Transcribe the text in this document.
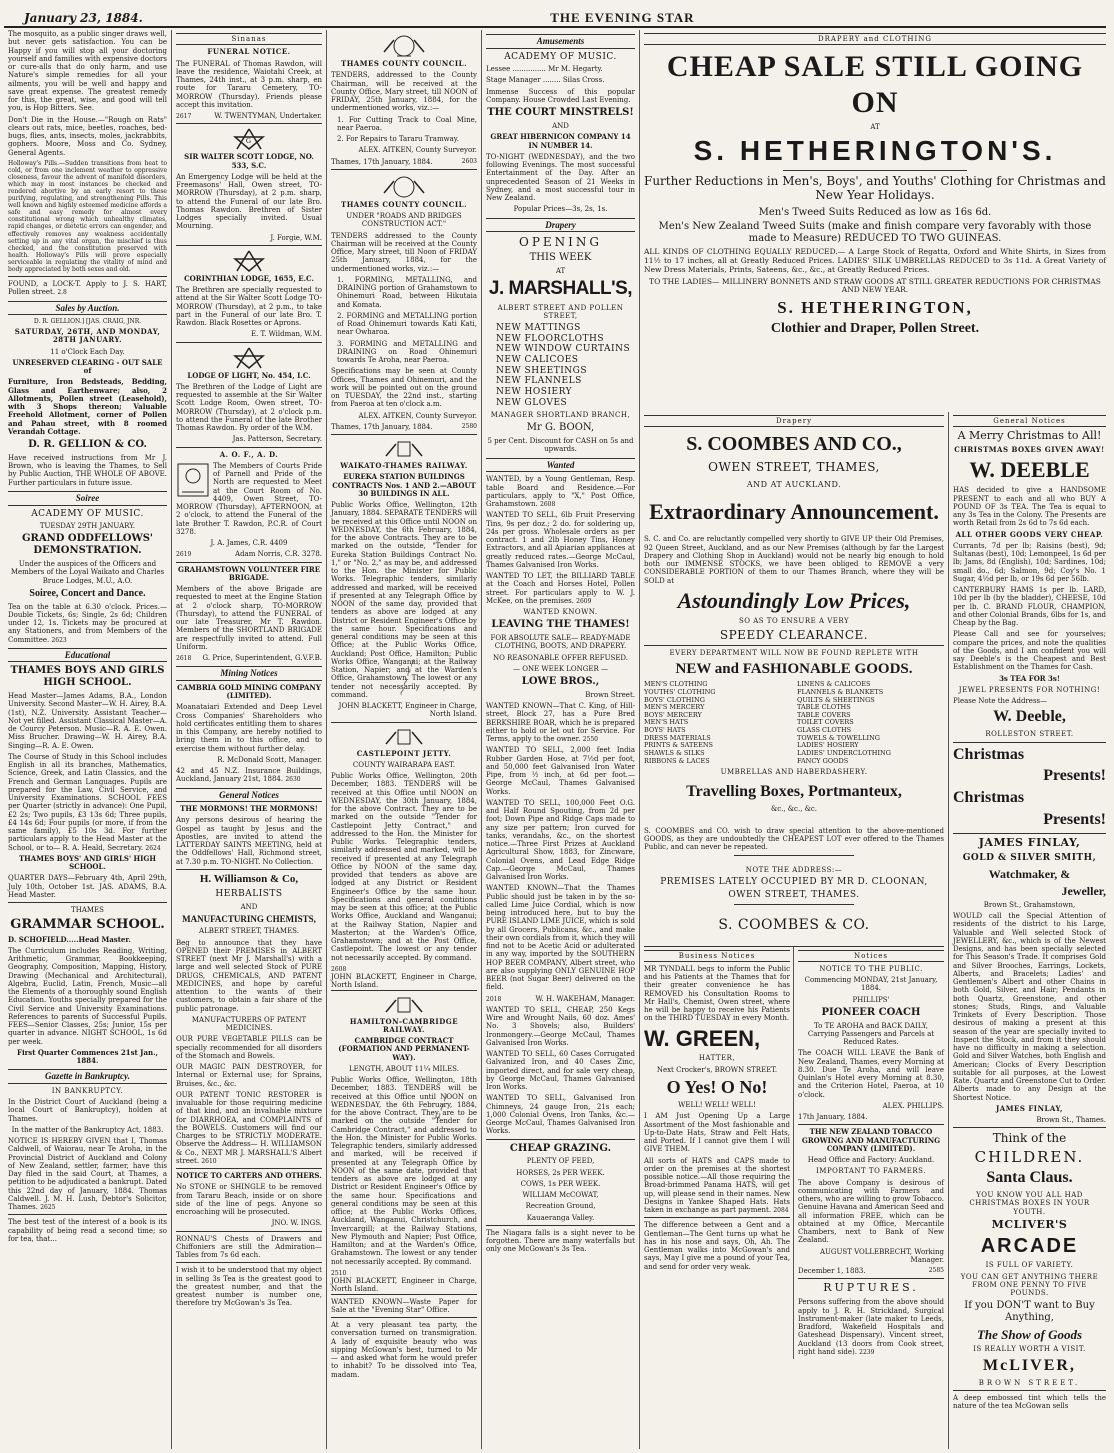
January 23, 1884.	THE EVENING STAR

The mosquito, as a public singer draws well, but never gets satisfaction. You can be Happy if you will stop all your doctoring yourself and families with expensive doctors or cure-alls that do only harm, and use Nature's simple remedies for all your ailments, you will be well and happy and save great expense. The greatest remedy for this, the great, wise, and good will tell you, is Hop Bitters. See.

Don't Die in the House.—"Rough on Rats" clears out rats, mice, beetles, roaches, bed-bugs, flies, ants, insects, moles, jackrabbits, gophers. Moore, Moss and Co. Sydney, General Agents.

Holloway's Pills.—Sudden transitions from heat to cold, or from one inclement weather to oppressive closeness, favour the advent of manifold disorders, which may in most instances be checked and rendered abortive by an early resort to these purifying, regulating, and strengthening Pills. This well known and highly esteemed medicine affords a safe and easy remedy for almost every constitutional wrong which unhealthy climates, rapid changes, or dietetic errors can engender, and effectively removes any weakness accidentally setting up in any vital organ, the mischief is thus checked, and the constitution preserved with health. Holloway's Pills will prove especially serviceable in regulating the vitality of mind and body appreciated by both sexes and old.

FOUND, a LOCK-T. Apply to J. S. HART, Pollen street. 2.8

Sales by Auction.

D. R. GELLION.] [JAS. CRAIG, JNR.

SATURDAY, 26TH, AND MONDAY, 28TH JANUARY.

11 o'Clock Each Day.

UNRESERVED CLEARING - OUT SALE of

Furniture, Iron Bedsteads, Bedding, Glass and Earthenware; also, 2 Allotments, Pollen street (Leasehold), with 3 Shops thereon; Valuable Freehold Allotment, corner of Pollen and Pahau street, with 8 roomed Verandah Cottage.

D. R. GELLION & CO.

Have received instructions from Mr J. Brown, who is leaving the Thames, to Sell by Public Auction, THE WHOLE OF ABOVE. Further particulars in future issue.

Soiree

ACADEMY OF MUSIC.

TUESDAY 29TH JANUARY.

GRAND ODDFELLOWS' DEMONSTRATION.

Under the auspices of the Officers and Members of the Loyal Waikato and Charles Bruce Lodges, M.U., A.O.

Soiree, Concert and Dance.

Tea on the table at 6.30 o'clock. Prices.—Double Tickets, 6s; Single, 2s 6d; Children under 12, 1s. Tickets may be procured at any Stationers, and from Members of the Committee. 2623

Educational

THAMES BOYS AND GIRLS HIGH SCHOOL.

Head Master—James Adams, B.A., London University. Second Master—W. H. Airey, B.A. (1st), N.Z. University. Assistant Teacher—Not yet filled. Assistant Classical Master—A. de Courcy Peterson. Music—R. A. E. Owen. Miss Brucher. Drawing—W. H. Airey, B.A. Singing—R. A. E. Owen.

The Course of Study in this School includes English in all its branches, Mathematics, Science, Greek, and Latin Classics, and the French and German Languages. Pupils are prepared for the Law, Civil Service, and University Examinations. SCHOOL FEES per Quarter (strictly in advance): One Pupil, £2 2s; Two pupils, £3 13s 6d; Three pupils, £4 14s 6d; Four pupils (or more, if from the same family), £5 10s 3d. For further particulars apply to the Head Master at the School, or to— R. A. Heald, Secretary. 2624

THAMES BOYS' AND GIRLS' HIGH SCHOOL.

QUARTER DAYS—February 4th, April 29th, July 10th, October 1st. JAS. ADAMS, B.A. Head Master.

THAMES

GRAMMAR SCHOOL.

D. SCHOFIELD.....Head Master.

The Curriculum includes Reading, Writing, Arithmetic, Grammar, Bookkeeping, Geography, Composition, Mapping, History, Drawing (Mechanical and Architectural), Algebra, Euclid, Latin, French, Music—all the Elements of a thoroughly sound English Education. Youths specially prepared for the Civil Service and University Examinations. References to parents of Successful Pupils. FEES—Senior Classes, 25s; Junior, 15s per quarter in advance. NIGHT SCHOOL, 1s 6d per week.

First Quarter Commences 21st Jan., 1884.

Gazette in Bankruptcy.

IN BANKRUPTCY.

In the District Court of Auckland (being a local Court of Bankruptcy), holden at Thames.

In the matter of the Bankruptcy Act, 1883.

NOTICE IS HEREBY GIVEN that I, Thomas Caldwell, of Waiorau, near Te Aroha, in the Provincial District of Auckland and Colony of New Zealand, settler, farmer, have this Day filed in the said Court, at Thames, a petition to be adjudicated a bankrupt. Dated this 22nd day of January, 1884. Thomas Caldwell. J. M. H. Lush, Debtor's Solicitor, Thames. 2625

The best test of the interest of a book is its capability of being read a second time; so for tea, that...

Sinanas

FUNERAL NOTICE.

The FUNERAL of Thomas Rawdon, will leave the residence, Waiotahi Creek, at Thames, 24th inst., at 3 p.m. sharp, en route for Tararu Cemetery, TO-MORROW (Thursday). Friends please accept this invitation.

2617	W. TWENTYMAN, Undertaker.

G

SIR WALTER SCOTT LODGE, NO. 533, S.C.

An Emergency Lodge will be held at the Freemasons' Hall, Owen street, TO-MORROW (Thursday), at 2 p.m. sharp, to attend the Funeral of our late Bro. Thomas Rawdon. Brethren of Sister Lodges specially invited. Usual Mourning.

J. Forgie, W.M.

CORINTHIAN LODGE, 1655, E.C.

The Brethren are specially requested to attend at the Sir Walter Scott Lodge TO-MORROW (Thursday), at 2 p.m., to take part in the Funeral of our late Bro. T. Rawdon. Black Rosettes or Aprons.

E. T. Wildman, W.M.

LODGE OF LIGHT, No. 454, I.C.

The Brethren of the Lodge of Light are requested to assemble at the Sir Walter Scott Lodge Room, Owen street, TO-MORROW (Thursday), at 2 o'clock p.m. to attend the Funeral of the late Brother Thomas Rawdon. By order of the W.M.

Jas. Patterson, Secretary.

A. O. F., A. D.

The Members of Courts Pride of Parnell and Pride of the North are requested to Meet at the Court Room of No. 4409, Owen Street, TO-MORROW (Thursday), AFTERNOON, at 2 o'clock, to attend the Funeral of the late Brother T. Rawdon, P.C.R. of Court 3278.

J. A. James, C.R. 4409

2619	Adam Norris, C.R. 3278.

GRAHAMSTOWN VOLUNTEER FIRE BRIGADE.

Members of the above Brigade are requested to meet at the Engine Station at 2 o'clock sharp, TO-MORROW (Thursday), to attend the FUNERAL of our late Treasurer, Mr T. Rawdon. Members of the SHORTLAND BRIGADE are respectfully invited to attend. Full Uniform.

2618 G. Price, Superintendent, G.V.F.B.

Mining Notices

CAMBRIA GOLD MINING COMPANY (LIMITED).

Moanataiari Extended and Deep Level Cross Companies' Shareholders who hold certificates entitling them to shares in this Company, are hereby notified to bring them in to this office, and to exercise them without further delay.

R. McDonald Scott, Manager.

42 and 45 N.Z. Insurance Buildings, Auckland, January 21st, 1884. 2630

General Notices

THE MORMONS! THE MORMONS!

Any persons desirous of hearing the Gospel as taught by Jesus and the Apostles, are invited to attend the LATTERDAY SAINTS MEETING, held at the Oddfellows' Hall, Richmond street, at 7.30 p.m. TO-NIGHT. No Collection.

H. Williamson & Co,

HERBALISTS

AND

MANUFACTURING CHEMISTS,

ALBERT STREET, THAMES.

Beg to announce that they have OPENED their PREMISES in ALBERT STREET (next Mr J. Marshall's) with a large and well selected Stock of PURE DRUGS, CHEMICALS, AND PATENT MEDICINES, and hope by careful attention to the wants of their customers, to obtain a fair share of the public patronage.

MANUFACTURERS OF PATENT MEDICINES.

OUR PURE VEGETABLE PILLS can be specially recommended for all disorders of the Stomach and Bowels.

OUR MAGIC PAIN DESTROYER, for Internal or External use; for Sprains, Bruises, &c., &c.

OUR PATENT TONIC RESTORER is invaluable for those requiring medicine of that kind, and an invaluable mixture for DIARRHOEA, and COMPLAINTS of the BOWELS. Customers will find our Charges to be STRICTLY MODERATE. Observe the Address— H. WILLIAMSON & Co., NEXT MR J. MARSHALL'S Albert street. 2610

NOTICE TO CARTERS AND OTHERS.

No STONE or SHINGLE to be removed from Tararu Beach, inside or on shore side of the line of pegs. Anyone so encroaching will be prosecuted.

JNO. W. INGS.

RONNAU'S Chests of Drawers and Chiffoniers are still the Admiration—Tables from 7s 6d each.

I wish it to be understood that my object in selling 3s Tea is the greatest good to the greatest number, and that the greatest number is number one, therefore try McGowan's 3s Tea.

THAMES COUNTY COUNCIL.

TENDERS, addressed to the County Chairman, will be received at the County Office, Mary street, till NOON of FRIDAY, 25th January, 1884, for the undermentioned works, viz.:—

1. For Cutting Track to Coal Mine, near Paeroa.

2. For Repairs to Tararu Tramway.

ALEX. AITKEN, County Surveyor.

Thames, 17th January, 1884.	2603

THAMES COUNTY COUNCIL.

UNDER "ROADS AND BRIDGES CONSTRUCTION ACT."

TENDERS addressed to the County Chairman will be received at the County Office, Mary street, till Noon of FRIDAY 25th January, 1884, for the undermentioned works, viz.:—

1. FORMING, METALLING, and DRAINING portion of Grahamstown to Ohinemuri Road, between Hikutaia and Komata.

2. FORMING and METALLING portion of Road Ohinemuri towards Kati Kati, near Owharoa.

3. FORMING and METALLING and DRAINING on Road Ohinemuri towards Te Aroha, near Paeroa.

Specifications may be seen at County Offices, Thames and Ohinemuri, and the work will be pointed out on the ground on TUESDAY, the 22nd inst., starting from Paeroa at ten o'clock a.m.

ALEX. AITKEN, County Surveyor.

Thames, 17th January, 1884.	2580

WAIKATO-THAMES RAILWAY.

EUREKA STATION BUILDINGS CONTRACTS Nos. 1 AND 2.—ABOUT 30 BUILDINGS IN ALL.

Public Works Office, Wellington, 12th January, 1884. SEPARATE TENDERS will be received at this Office until NOON on WEDNESDAY, the 6th February, 1884, for the above Contracts. They are to be marked on the outside, "Tender for Eureka Station Buildings Contract No. 1," or "No. 2," as may be, and addressed to the Hon. the Minister for Public Works. Telegraphic tenders, similarly addressed and marked, will be received if presented at any Telegraph Office by NOON of the same day, provided that tenders as above are lodged at any District or Resident Engineer's Office by the same hour. Specifications and general conditions may be seen at this Office; at the Public Works Office, Auckland; Post Office, Hamilton; Public Works Office, Wanganui; at the Railway Station, Napier; and at the Warden's Office, Grahamstown. The lowest or any tender not necessarily accepted. By command.

JOHN BLACKETT, Engineer in Charge, North Island.

CASTLEPOINT JETTY.

COUNTY WAIRARAPA EAST.

Public Works Office, Wellington, 20th December, 1883. TENDERS will be received at this Office until NOON on WEDNESDAY, the 30th January, 1884, for the above Contract. They are to be marked on the outside "Tender for Castlepoint Jetty Contract," and addressed to the Hon. the Minister for Public Works. Telegraphic tenders, similarly addressed and marked, will be received if presented at any Telegraph Office by NOON of the same day, provided that tenders as above are lodged at any District or Resident Engineer's Office by the same hour. Specifications and general conditions may be seen at this office; at the Public Works Office, Auckland and Wanganui; at the Railway Station, Napier and Masterton; at the Warden's Office, Grahamstown; and at the Post Office, Castlepoint. The lowest or any tender not necessarily accepted. By command.

2608
JOHN BLACKETT, Engineer in Charge, North Island.

HAMILTON-CAMBRIDGE RAILWAY.

CAMBRIDGE CONTRACT (FORMATION AND PERMANENT-WAY).

LENGTH, ABOUT 11¼ MILES.

Public Works Office, Wellington, 18th December, 1883. TENDERS will be received at this Office until NOON on WEDNESDAY, the 6th February, 1884, for the above Contract. They are to be marked on the outside "Tender for Cambridge Contract," and addressed to the Hon. the Minister for Public Works. Telegraphic tenders, similarly addressed and marked, will be received if presented at any Telegraph Office by NOON of the same date, provided that tenders as above are lodged at any District or Resident Engineer's Office by the same hour. Specifications and general conditions may be seen at this office; at the Public Works Offices, Auckland, Wanganui, Christchurch, and Invercargill; at the Railway Stations, New Plymouth and Napier; Post Office, Hamilton; and at the Warden's Office, Grahamstown. The lowest or any tender not necessarily accepted. By command.

2510
JOHN BLACKETT, Engineer in Charge, North Island.

WANTED KNOWN—Waste Paper for Sale at the "Evening Star" Office.

At a very pleasant tea party, the conversation turned on transmigration. A lady of exquisite beauty who was sipping McGowan's best, turned to Mr — and asked what form he would prefer to inhabit? To be dissolved into Tea, madam.

~~~~
~~~
Amusements

ACADEMY OF MUSIC.

Lessee ............... Mr M. Hegarty.

Stage Manager ........ Silas Cross.

Immense Success of this popular Company. House Crowded Last Evening.

THE COURT MINSTRELS!

AND

GREAT HIBERNICON COMPANY 14 IN NUMBER 14.

TO-NIGHT (WEDNESDAY), and the two following Evenings. The most successful Entertainment of the Day. After an unprecedented Season of 21 Weeks in Sydney, and a most successful tour in New Zealand.

Popular Prices—3s, 2s, 1s.

Drapery

OPENING

THIS WEEK

AT

J. MARSHALL'S,

ALBERT STREET AND POLLEN STREET,

NEW MATTINGS
NEW FLOORCLOTHS
NEW WINDOW CURTAINS
NEW CALICOES
NEW SHEETINGS
NEW FLANNELS
NEW HOSIERY
NEW GLOVES

MANAGER SHORTLAND BRANCH,

Mr G. BOON,

5 per Cent. Discount for CASH on 5s and upwards.

Wanted

WANTED, by a Young Gentleman, Resp. table Board and Residence.—For particulars, apply to "X," Post Office, Grahamstown. 2608

WANTED TO SELL, 6lb Fruit Preserving Tins, 9s per doz.; 2 do. for soldering up, 24s per gross. Wholesale orders as per contract. 1 and 2lb Honey Tins, Honey Extractors, and all Apiarian appliances at greatly reduced rates.—George McCaul, Thames Galvanised Iron Works.

WANTED TO LET, the BILLIARD TABLE at the Coach and Horses Hotel, Pollen street. For particulars apply to W. J. McKee, on the premises. 2609

WANTED KNOWN.

LEAVING THE THAMES!

FOR ABSOLUTE SALE— READY-MADE CLOTHING, BOOTS, AND DRAPERY.

NO REASONABLE OFFER REFUSED.

— ONE WEEK LONGER —

LOWE BROS.,

Brown Street.

WANTED KNOWN—That C. King, of Hill-street, Block 27, has a Pure Bred BERKSHIRE BOAR, which he is prepared either to hold or let out for Service. For Terms, apply to the owner. 2550

WANTED TO SELL, 2,000 feet India Rubber Garden Hose, at 7½d per foot, and 50,000 feet Galvanised Iron Water Pipe, from ½ inch, at 6d per foot.—George McCaul, Thames Galvanised Works.

WANTED TO SELL, 100,000 Feet O.G. and Half Round Spouting, from 2d per foot; Down Pipe and Ridge Caps made to any size per pattern; Iron curved for tanks, verandahs, &c., on the shortest notice.—Three First Prizes at Auckland Agricultural Show, 1883, for Zincware, Colonial Ovens, and Lead Edge Ridge Cap.—George McCaul, Thames Galvanised Iron Works.

WANTED KNOWN—That the Thames Public should just be taken in by the so-called Lime Juice Cordial, which is now being introduced here, but to buy the PURE ISLAND LIME JUICE, which is sold by all Grocers, Publicans, &c., and make their own cordials from it, which they will find not to be Acetic Acid or adulterated in any way, imported by the SOUTHERN HOP BEER COMPANY, Albert street, who are also supplying ONLY GENUINE HOP BEER (not Sugar Beer) delivered on the field.

2018	W. H. WAKEHAM, Manager.

WANTED TO SELL, CHEAP, 250 Kegs Wire and Wrought Nails, 60 doz. Ames' No. 3 Shovels; also, Builders' Ironmongery.—George McCaul, Thames Galvanised Iron Works.

WANTED TO SELL, 60 Cases Corrugated Galvanized Iron, and 40 Cases Zinc, imported direct, and for sale very cheap, by George McCaul, Thames Galvanised Iron Works.

WANTED TO SELL, Galvanised Iron Chimneys, 24 gauge Iron, 21s each; 1,000 Colonial Ovens, Iron Tanks, &c.—George McCaul, Thames Galvanised Iron Works.

CHEAP GRAZING.

PLENTY OF FEED,

HORSES, 2s PER WEEK.

COWS, 1s PER WEEK.

WILLIAM McCOWAT,

Recreation Ground,

Kauaeranga Valley.

The Niagara falls is a sight never to be forgotten. There are many waterfalls but only one McGowan's 3s Tea.

DRAPERY and CLOTHING

CHEAP SALE STILL GOING ON

AT

S. HETHERINGTON'S.

Further Reductions in Men's, Boys', and Youths' Clothing for Christmas and New Year Holidays.

Men's Tweed Suits Reduced as low as 16s 6d.

Men's New Zealand Tweed Suits (make and finish compare very favorably with those made to Measure) REDUCED TO TWO GUINEAS.

ALL KINDS OF CLOTHING EQUALLY REDUCED.— A Large Stock of Regatta, Oxford and White Shirts, in Sizes from 11½ to 17 inches, all at Greatly Reduced Prices. LADIES' SILK UMBRELLAS REDUCED to 3s 11d. A Great Variety of New Dress Materials, Prints, Sateens, &c., &c., at Greatly Reduced Prices.

TO THE LADIES— MILLINERY BONNETS AND STRAW GOODS AT STILL GREATER REDUCTIONS FOR CHRISTMAS AND NEW YEAR.

S. HETHERINGTON,

Clothier and Draper, Pollen Street.

Drapery

S. COOMBES AND CO.,

OWEN STREET, THAMES,

AND AT AUCKLAND.

Extraordinary Announcement.

S. C. and Co. are reluctantly compelled very shortly to GIVE UP their Old Premises, 92 Queen Street, Auckland, and as our New Premises (although by far the Largest Drapery and Clothing Shop in Auckland) would not be nearly big enough to hold both our IMMENSE STOCKS, we have been obliged to REMOVE a very CONSIDERABLE PORTION of them to our Thames Branch, where they will be SOLD at

Astoundingly Low Prices,

SO AS TO ENSURE A VERY

SPEEDY CLEARANCE.

EVERY DEPARTMENT WILL NOW BE FOUND REPLETE WITH

NEW and FASHIONABLE GOODS.

MEN'S CLOTHING
YOUTHS' CLOTHING
BOYS' CLOTHING
MEN'S MERCERY
BOYS' MERCERY
MEN'S HATS
BOYS' HATS
DRESS MATERIALS
PRINTS & SATEENS
SHAWLS & SILKS
RIBBONS & LACES
LINENS & CALICOES
FLANNELS & BLANKETS
QUILTS & SHEETINGS
TABLE CLOTHS
TABLE COVERS
TOILET COVERS
GLASS CLOTHS
TOWELS & TOWELLING
LADIES' HOSIERY
LADIES' UNDERCLOTHING
FANCY GOODS

UMBRELLAS AND HABERDASHERY.

Travelling Boxes, Portmanteux,

&c., &c., &c.

S. COOMBES and CO. wish to draw special attention to the above-mentioned GOODS, as they are undoubtedly the CHEAPEST LOT ever offered to the Thames Public, and can never be repeated.

NOTE THE ADDRESS:—

PREMISES LATELY OCCUPIED BY MR D. CLOONAN,

OWEN STREET, THAMES.

S. COOMBES & CO.

Business Notices

MR TYNDALL begs to inform the Public and his Patients at the Thames that for their greater convenience he has REMOVED his Consultation Rooms to Mr Hall's, Chemist, Owen street, where he will be happy to receive his Patients on the THIRD TUESDAY in every Month.

W. GREEN,

HATTER,

Next Crocker's, BROWN STREET.

O Yes! O No!

WELL! WELL! WELL!

I AM Just Opening Up a Large Assortment of the Most fashionable and Up-to-Date Hats, Straw and Felt Hats, and Ported. If I cannot give them I will GIVE THEM.

All sorts of HATS and CAPS made to order on the premises at the shortest possible notice.—All those requiring the Broad-brimmed Panama HATS, will get up, will please send in their names. New Designs in Yankee Shaped Hats. Hats taken in exchange as part payment. 2084

The difference between a Gent and a Gentleman—The Gent turns up what he has in his nose and says, Oh, Ah. The Gentleman walks into McGowan's and says, May I give me a pound of your Tea, and send for order very weak.

Notices

NOTICE TO THE PUBLIC.

Commencing MONDAY, 21st January, 1884.

PHILLIPS'

PIONEER COACH

To TE AROHA and BACK DAILY, Carrying Passengers and Parcels at Reduced Rates.

The COACH WILL LEAVE the Bank of New Zealand, Thames, every Morning at 8.30. Due Te Aroha, and will leave Quinlan's Hotel every Morning at 8.30, and the Criterion Hotel, Paeroa, at 10 o'clock.

ALEX. PHILLIPS.

17th January, 1884.

THE NEW ZEALAND TOBACCO GROWING AND MANUFACTURING COMPANY (LIMITED).

Head Office and Factory: Auckland.

IMPORTANT TO FARMERS.

The above Company is desirous of communicating with Farmers and others, who are willing to grow Tobacco. Genuine Havana and American Seed and all information FREE, which can be obtained at my Office, Mercantile Chambers, next to Bank of New Zealand.

AUGUST VOLLEBRECHT, Working Manager.

December 1, 1883.	2585

RUPTURES.

Persons suffering from the above should apply to J. R. H. Strickland, Surgical Instrument-maker (late maker to Leeds, Bradford, Wakefield Hospitals and Gateshead Dispensary). Vincent street, Auckland (13 doors from Cook street, right hand side). 2239

General Notices

A Merry Christmas to All!

CHRISTMAS BOXES GIVEN AWAY!

W. DEEBLE

HAS decided to give a HANDSOME PRESENT to each and all who BUY A POUND OF 3s TEA. The Tea is equal to any 3s Tea in the Colony. The Presents are worth Retail from 2s 6d to 7s 6d each.

ALL OTHER GOODS VERY CHEAP.

Currants, 7d per lb; Raisins (best), 9d; Sultanas (best), 10d; Lemonpeel, 1s 6d per lb; Jams, 8d (English), 10d; Sardines, 10d; small do., 6d; Salmon, 9d; Coy's No. 1 Sugar, 4½d per lb, or 19s 6d per 56lb.

CANTERBURY HAMS 1s per lb. LARD, 10d per lb (by the bladder), CHEESE, 10d per lb. C. BRAND FLOUR, CHAMPION, and other Colonial Brands, 6lbs for 1s, and Cheap by the Bag.

Please Call and see for yourselves; compare the prices, and note the qualities of the Goods, and I am confident you will say Deeble's is the Cheapest and Best Establishment on the Thames for Cash.

3s TEA FOR 3s!

JEWEL PRESENTS FOR NOTHING!

Please Note the Address—

W. Deeble,

ROLLESTON STREET.

Christmas

Presents!

Christmas

Presents!

JAMES FINLAY,

GOLD & SILVER SMITH,

Watchmaker, &

Jeweller,

Brown St., Grahamstown,

WOULD call the Special Attention of residents of the district to his Large, Valuable and Well selected Stock of JEWELLERY, &c., which is of the Newest Designs, and has been specially selected for This Season's Trade. It comprises Gold and Silver Brooches, Earrings, Lockets, Alberts, and Bracelets; Ladies' and Gentlemen's Albert and other Chains in both Gold, Silver, and Hair; Pendants in both Quartz, Greenstone, and other stones; Studs, Rings, and Valuable Trinkets of Every Description. Those desirous of making a present at this season of the year are specially invited to Inspect the Stock, and from it they should have no difficulty in making a selection. Gold and Silver Watches, both English and American; Clocks of Every Description suitable for all purposes, at the Lowest Rate. Quartz and Greenstone Cut to Order. Alberts made to any Design at the Shortest Notice.

JAMES FINLAY,

Brown St., Thames.

Think of the

CHILDREN.

Santa Claus.

YOU KNOW YOU ALL HAD CHRISTMAS BOXES IN YOUR YOUTH.

MCLIVER'S

ARCADE

IS FULL OF VARIETY.

YOU CAN GET ANYTHING THERE FROM ONE PENNY TO FIVE POUNDS.

If you DON'T want to Buy Anything,

The Show of Goods

IS REALLY WORTH A VISIT.

McLIVER,

BROWN STREET.

A deep embossed tint which tells the nature of the tea McGowan sells
